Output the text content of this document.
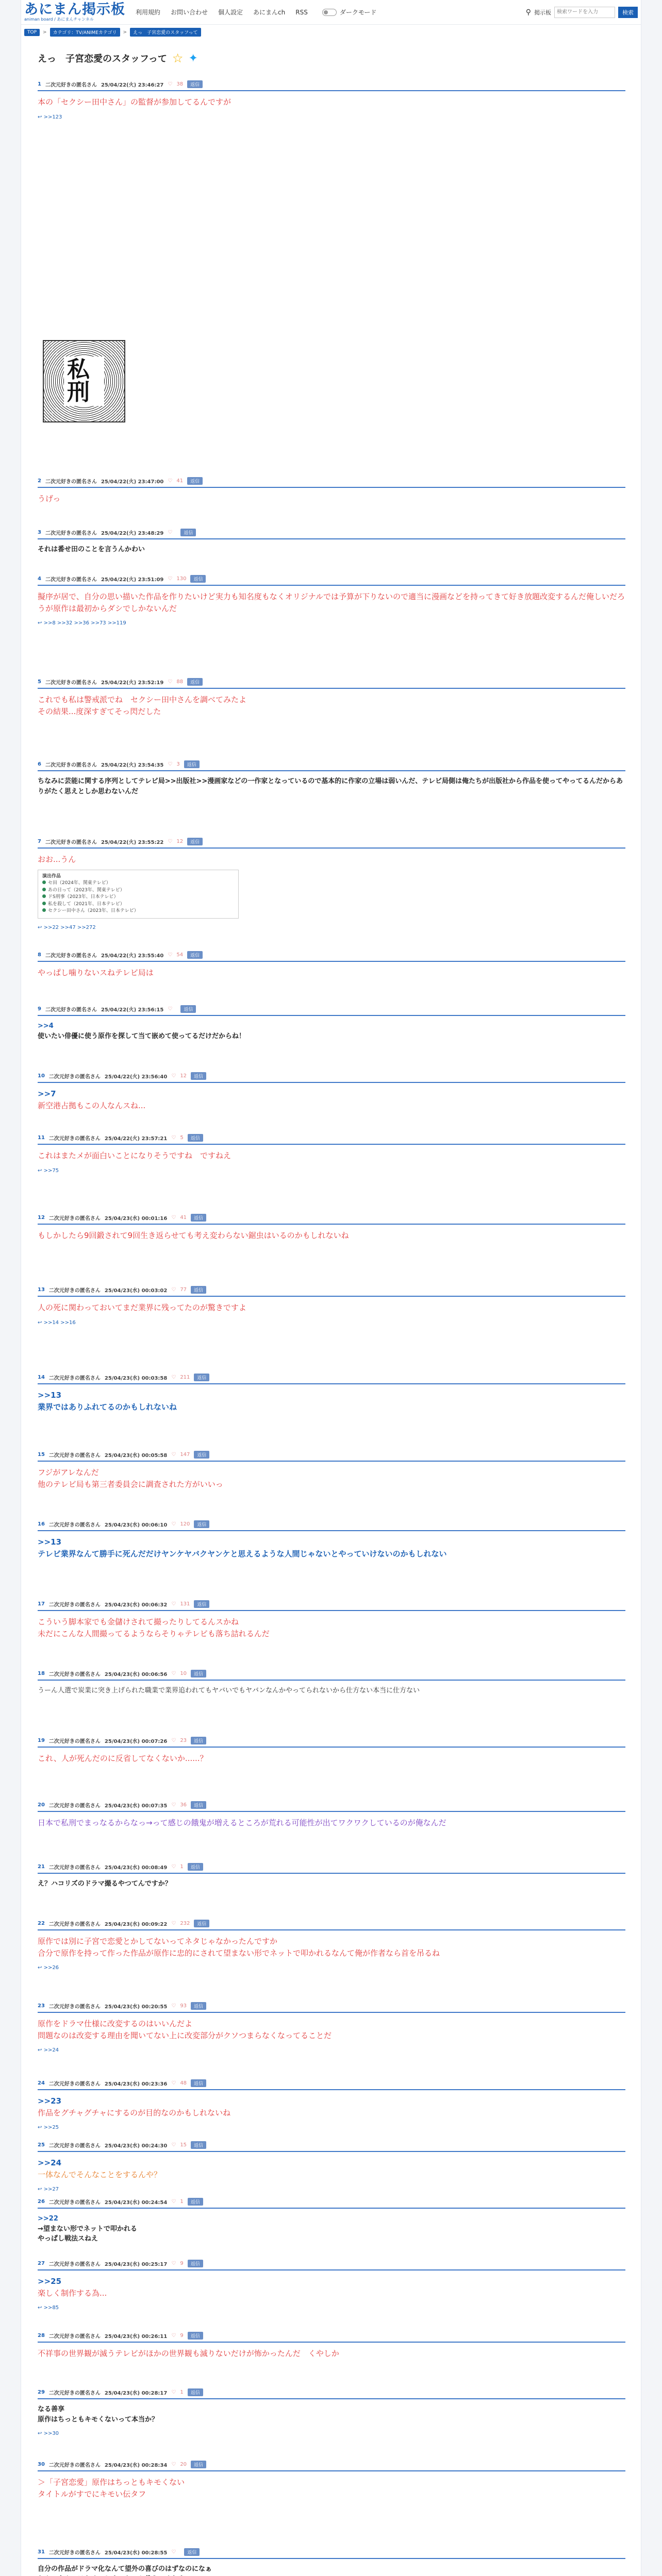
あにまん掲示板
animan board / あにまんチャンネル
利用規約 お問い合わせ 個人設定 あにまんch RSS	ダークモード	⚲ 掲示板
検索ワードを入力	検索
TOP	>	カテゴリ：TV/ANIMEカテゴリ	>	えっ　子宮恋愛のスタッフって
えっ　子宮恋愛のスタッフって ☆ ✦
1 二次元好きの匿名さん 25/04/22(火) 23:46:27 ♡ 38	返信
本の「セクシー田中さん」の監督が参加してるんですが
↩ >>123
2 二次元好きの匿名さん 25/04/22(火) 23:47:00 ♡ 41	返信
うげっ
3 二次元好きの匿名さん 25/04/22(火) 23:48:29 ♡	返信
それは番せ田のことを言うんかわい
4 二次元好きの匿名さん 25/04/22(火) 23:51:09 ♡ 130	返信
擬序が居で、自分の思い描いた作品を作りたいけど実力も知名度もなくオリジナルでは予算が下りないので適当に漫画などを持ってきて好き放題改変するんだ俺しいだろうが原作は最初からダシでしかないんだ
↩ >>8 >>32 >>36 >>73 >>119
5 二次元好きの匿名さん 25/04/22(火) 23:52:19 ♡ 88	返信
これでも私は警戒派でね　セクシー田中さんを調べてみたよ
その結果...度深すぎてそっ閃だした
6 二次元好きの匿名さん 25/04/22(火) 23:54:35 ♡ 3	返信
ちなみに芸能に関する序列としてテレビ局>>出版社>>漫画家などの一作家となっているので基本的に作家の立場は弱いんだ、テレビ局側は俺たちが出版社から作品を使ってやってるんだからありがたく思えとしか思わないんだ
7 二次元好きの匿名さん 25/04/22(火) 23:55:22 ♡ 12	返信
おお...うん
演出作品
セ田（2024年、関東テレビ）
あの日って（2023年、関東テレビ）
ドS刑事（2023年、日本テレビ）
私を殺して（2021年、日本テレビ）
セクシー田中さん（2023年、日本テレビ）
↩ >>22 >>47 >>272
8 二次元好きの匿名さん 25/04/22(火) 23:55:40 ♡ 54	返信
やっぱし噛りないスねテレビ局は
9 二次元好きの匿名さん 25/04/22(火) 23:56:15 ♡	返信
>>4
使いたい俳優に使う原作を探して当て嵌めて使ってるだけだからね！
10 二次元好きの匿名さん 25/04/22(火) 23:56:40 ♡ 12	返信
>>7
新空港占拠もこの人なんスね...
11 二次元好きの匿名さん 25/04/22(火) 23:57:21 ♡ 5	返信
これはまたメが面白いことになりそうですね　ですねえ
↩ >>75
12 二次元好きの匿名さん 25/04/23(水) 00:01:16 ♡ 41	返信
もしかしたら9回鍛されて9回生き返らせても考え変わらない鋸虫はいるのかもしれないね
13 二次元好きの匿名さん 25/04/23(水) 00:03:02 ♡ 77	返信
人の死に関わっておいてまだ業界に残ってたのが驚きですよ
↩ >>14 >>16
14 二次元好きの匿名さん 25/04/23(水) 00:03:58 ♡ 211	返信
>>13
業界ではありふれてるのかもしれないね
15 二次元好きの匿名さん 25/04/23(水) 00:05:58 ♡ 147	返信
フジがアレなんだ
他のテレビ局も第三者委員会に調査された方がいいっ
16 二次元好きの匿名さん 25/04/23(水) 00:06:10 ♡ 120	返信
>>13
テレビ業界なんて勝手に死んだだけヤンケヤバクヤンケと思えるような人間じゃないとやっていけないのかもしれない
17 二次元好きの匿名さん 25/04/23(水) 00:06:32 ♡ 131	返信
こういう脚本家でも金儲けされて撮ったりしてるんスかね
未だにこんな人間撮ってるようならそりゃテレビも落ち詰れるんだ
18 二次元好きの匿名さん 25/04/23(水) 00:06:56 ♡ 10	返信
うーん人選で炭業に突き上げられた職業で業界追われてもヤバいでもヤバンなんかやってられないから仕方ない本当に仕方ない
19 二次元好きの匿名さん 25/04/23(水) 00:07:26 ♡ 23	返信
これ、人が死んだのに反省してなくないか......？
20 二次元好きの匿名さん 25/04/23(水) 00:07:35 ♡ 36	返信
日本で私刑でまっなるからなっ→って感じの餓鬼が増えるところが荒れる可能性が出てワクワクしているのが俺なんだ
21 二次元好きの匿名さん 25/04/23(水) 00:08:49 ♡ 1	返信
え？ハコリズのドラマ撮るやつてんですか？
22 二次元好きの匿名さん 25/04/23(水) 00:09:22 ♡ 232	返信
原作では別に子宮で恋愛とかしてないってネタじゃなかったんですか
合分で原作を持って作った作品が原作に忠的にされて望まない形でネットで叩かれるなんて俺が作者なら首を吊るね
↩ >>26
23 二次元好きの匿名さん 25/04/23(水) 00:20:55 ♡ 93	返信
原作をドラマ仕様に改変するのはいいんだよ
問題なのは改変する理由を聞いてない上に改変部分がクソつまらなくなってることだ
↩ >>24
24 二次元好きの匿名さん 25/04/23(水) 00:23:36 ♡ 48	返信
>>23
作品をグチャグチャにするのが目的なのかもしれないね
↩ >>25
25 二次元好きの匿名さん 25/04/23(水) 00:24:30 ♡ 15	返信
>>24
一体なんでそんなことをするんや？
↩ >>27
26 二次元好きの匿名さん 25/04/23(水) 00:24:54 ♡ 1	返信
>>22
→望まない形でネットで叩かれる
やっぱし戦法スねえ
27 二次元好きの匿名さん 25/04/23(水) 00:25:17 ♡ 9	返信
>>25
楽しく制作する為...
↩ >>85
28 二次元好きの匿名さん 25/04/23(水) 00:26:11 ♡ 9	返信
不祥事の世界観が滅うテレビがほかの世界観も滅りないだけが怖かったんだ　くやしか
29 二次元好きの匿名さん 25/04/23(水) 00:28:17 ♡ 1	返信
なる善享
原作はちっともキモくないって本当か？
↩ >>30
30 二次元好きの匿名さん 25/04/23(水) 00:28:34 ♡ 20	返信
＞「子宮恋愛」原作はちっともキモくない
タイトルがすでにキモい伝タフ
31 二次元好きの匿名さん 25/04/23(水) 00:28:55 ♡	返信
自分の作品がドラマ化なんて望外の喜びのはずなのになぁ
私刑
